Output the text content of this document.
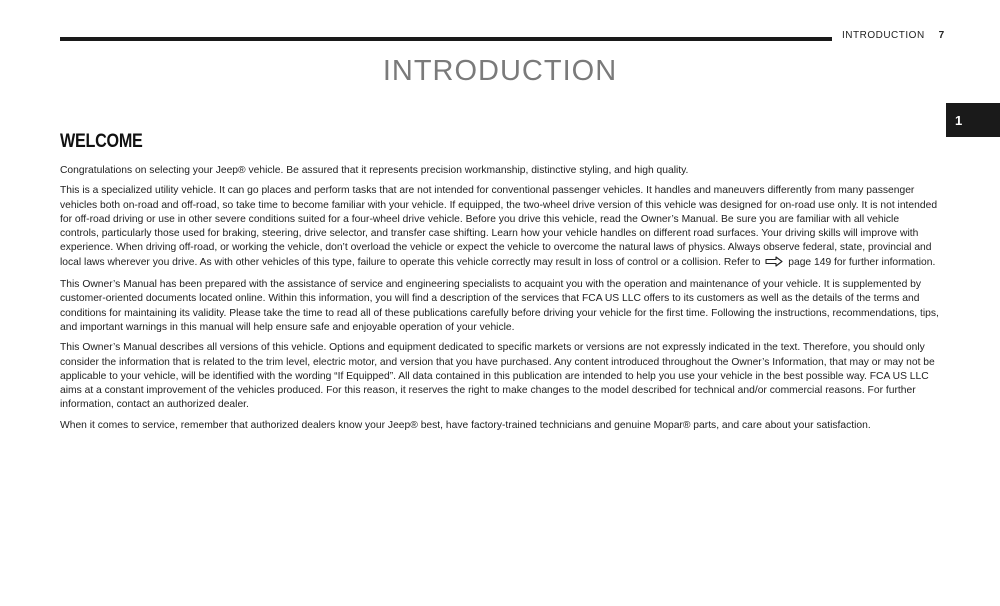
INTRODUCTION 7
INTRODUCTION
1
WELCOME

Congratulations on selecting your Jeep® vehicle. Be assured that it represents precision workmanship, distinctive styling, and high quality.

This is a specialized utility vehicle. It can go places and perform tasks that are not intended for conventional passenger vehicles. It handles and maneuvers differently from many passenger vehicles both on-road and off-road, so take time to become familiar with your vehicle. If equipped, the two-wheel drive version of this vehicle was designed for on-road use only. It is not intended for off-road driving or use in other severe conditions suited for a four-wheel drive vehicle. Before you drive this vehicle, read the Owner’s Manual. Be sure you are familiar with all vehicle controls, particularly those used for braking, steering, drive selector, and transfer case shifting. Learn how your vehicle handles on different road surfaces. Your driving skills will improve with experience. When driving off-road, or working the vehicle, don’t overload the vehicle or expect the vehicle to overcome the natural laws of physics. Always observe federal, state, provincial and local laws wherever you drive. As with other vehicles of this type, failure to operate this vehicle correctly may result in loss of control or a collision. Refer to	page 149 for further information.

This Owner’s Manual has been prepared with the assistance of service and engineering specialists to acquaint you with the operation and maintenance of your vehicle. It is supplemented by customer-oriented documents located online. Within this information, you will find a description of the services that FCA US LLC offers to its customers as well as the details of the terms and conditions for maintaining its validity. Please take the time to read all of these publications carefully before driving your vehicle for the first time. Following the instructions, recommendations, tips, and important warnings in this manual will help ensure safe and enjoyable operation of your vehicle.

This Owner’s Manual describes all versions of this vehicle. Options and equipment dedicated to specific markets or versions are not expressly indicated in the text. Therefore, you should only consider the information that is related to the trim level, electric motor, and version that you have purchased. Any content introduced throughout the Owner’s Information, that may or may not be applicable to your vehicle, will be identified with the wording “If Equipped”. All data contained in this publication are intended to help you use your vehicle in the best possible way. FCA US LLC aims at a constant improvement of the vehicles produced. For this reason, it reserves the right to make changes to the model described for technical and/or commercial reasons. For further information, contact an authorized dealer.

When it comes to service, remember that authorized dealers know your Jeep® best, have factory-trained technicians and genuine Mopar® parts, and care about your satisfaction.
